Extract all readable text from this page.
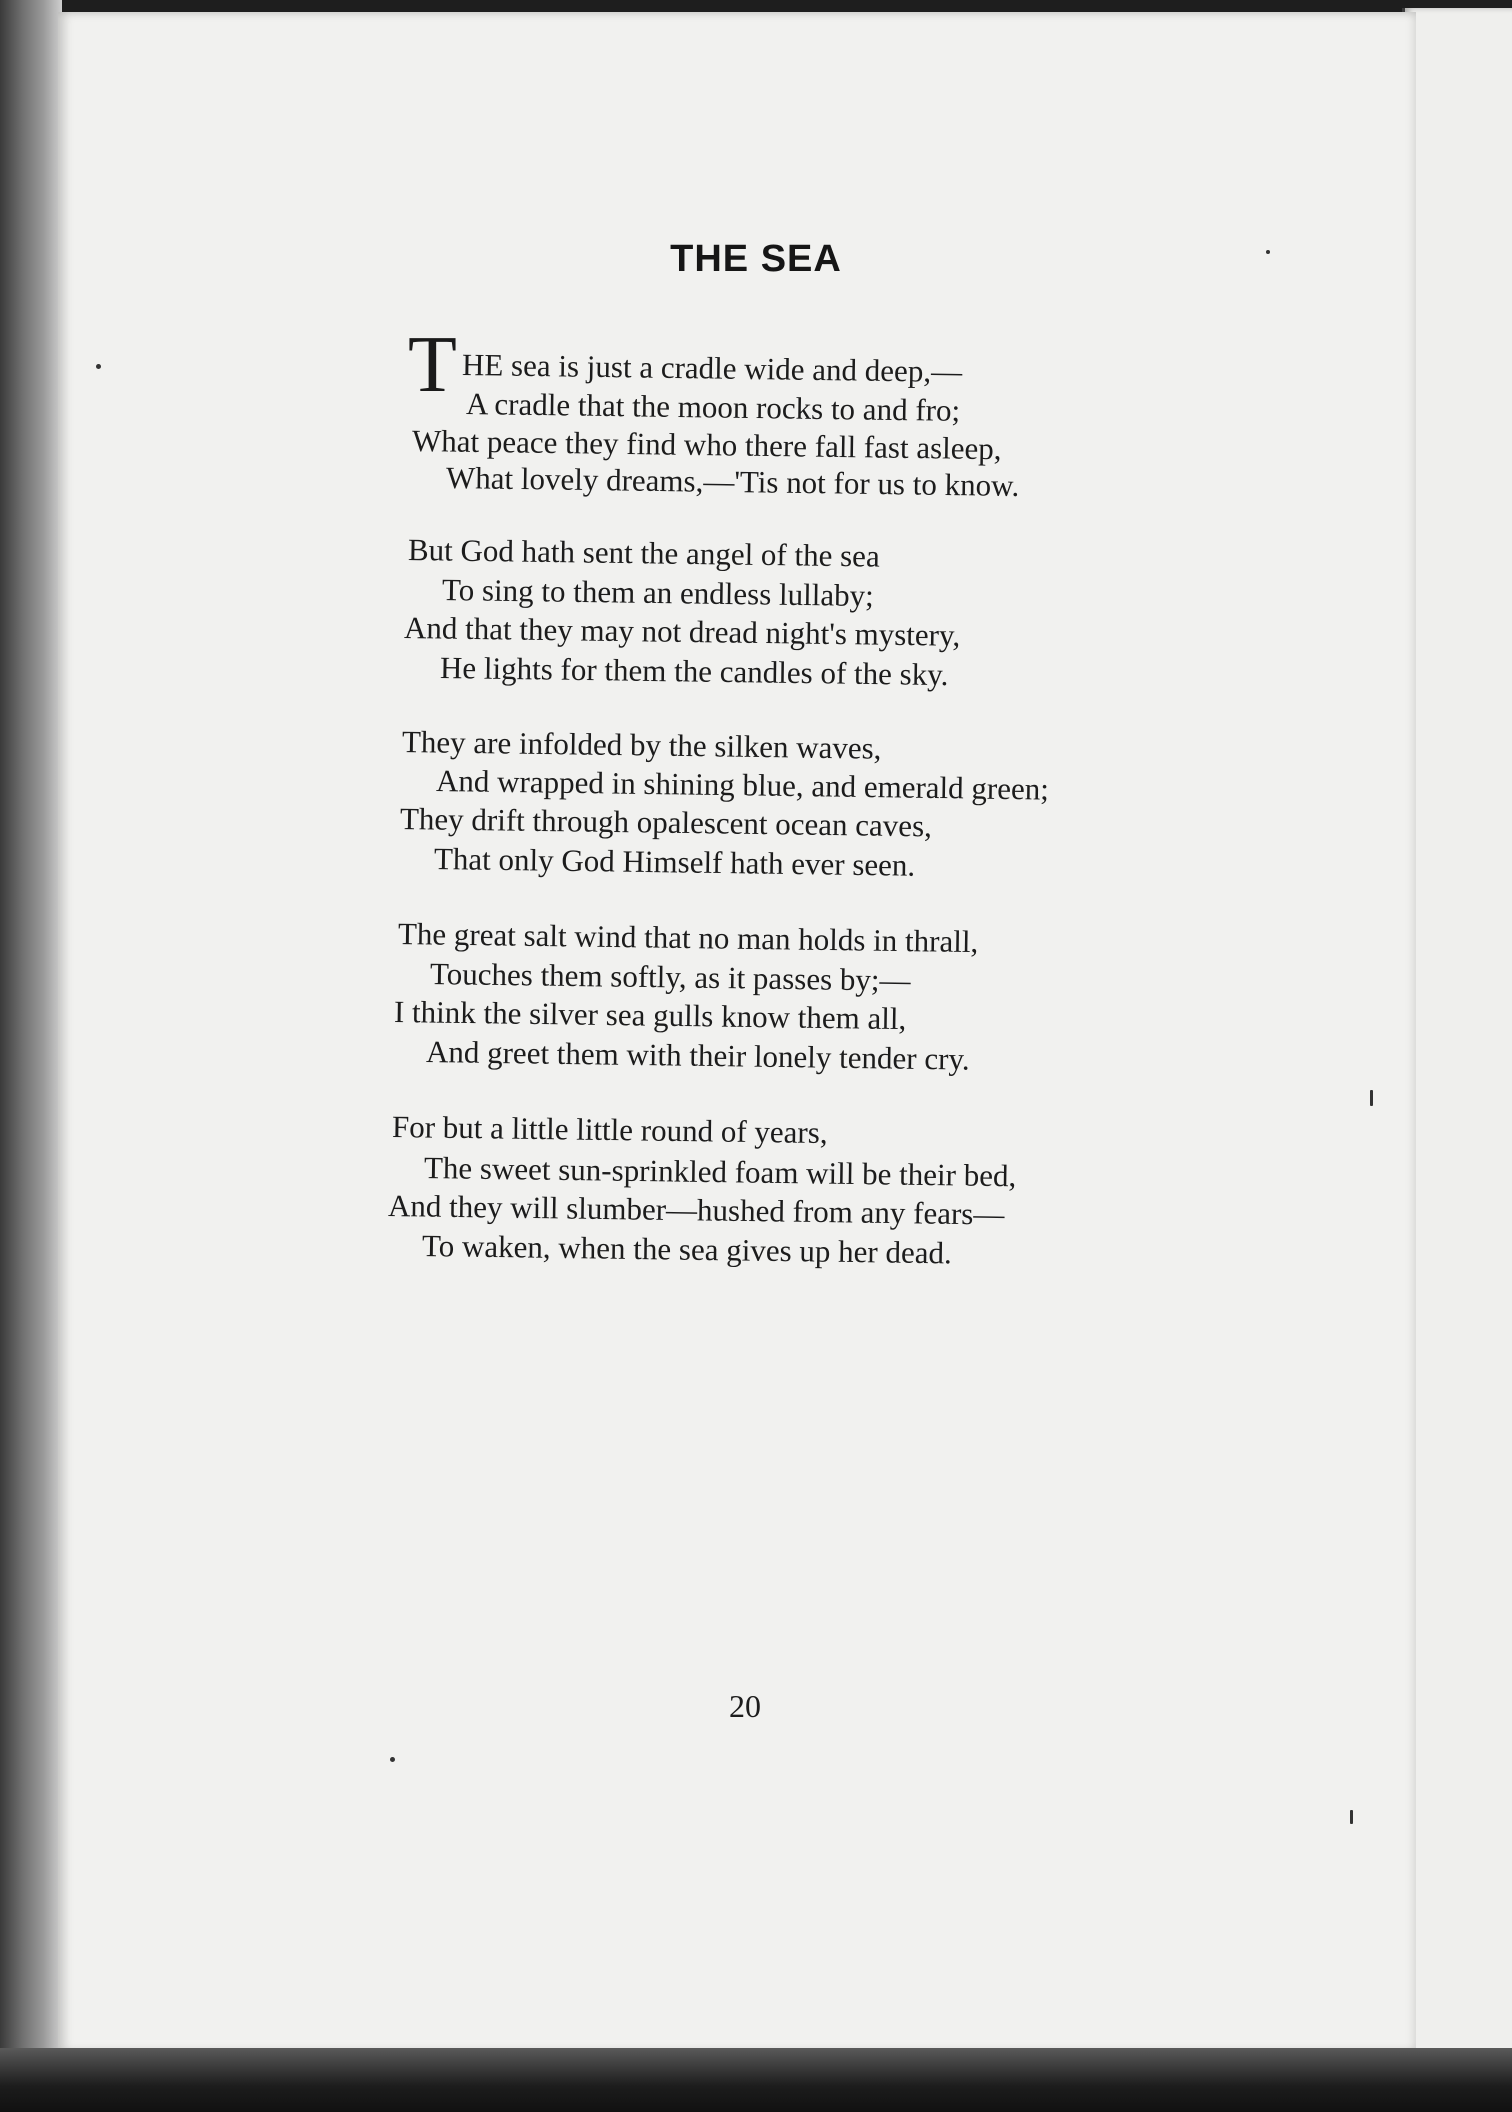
THE SEA
T HE sea is just a cradle wide and deep,—

A cradle that the moon rocks to and fro;

What peace they find who there fall fast asleep,

What lovely dreams,—'Tis not for us to know.

But God hath sent the angel of the sea

To sing to them an endless lullaby;

And that they may not dread night's mystery,

He lights for them the candles of the sky.

They are infolded by the silken waves,

And wrapped in shining blue, and emerald green;

They drift through opalescent ocean caves,

That only God Himself hath ever seen.

The great salt wind that no man holds in thrall,

Touches them softly, as it passes by;—

I think the silver sea gulls know them all,

And greet them with their lonely tender cry.

For but a little little round of years,

The sweet sun-sprinkled foam will be their bed,

And they will slumber—hushed from any fears—

To waken, when the sea gives up her dead.

20
